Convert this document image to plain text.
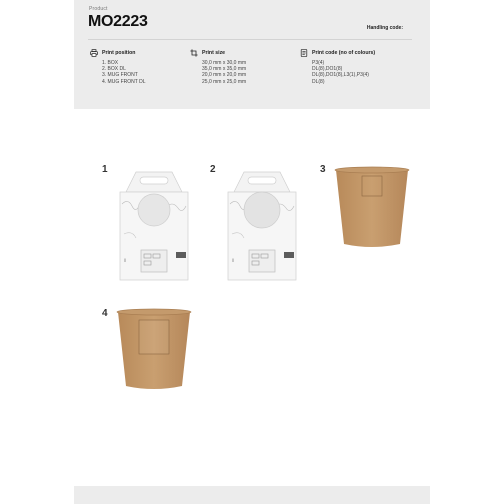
Product
MO2223	Handling code:
Print position
1. BOX
2. BOX DL
3. MUG FRONT
4. MUG FRONT DL
Print size
30,0 mm x 30,0 mm
35,0 mm x 35,0 mm
20,0 mm x 20,0 mm
25,0 mm x 25,0 mm
Print code (no of colours)
P3(4)
DL(8),DO1(8)
DL(8),DO1(8),L3(1),P3(4)
DL(8)
1
Ⅱ
2
Ⅱ
3
4
